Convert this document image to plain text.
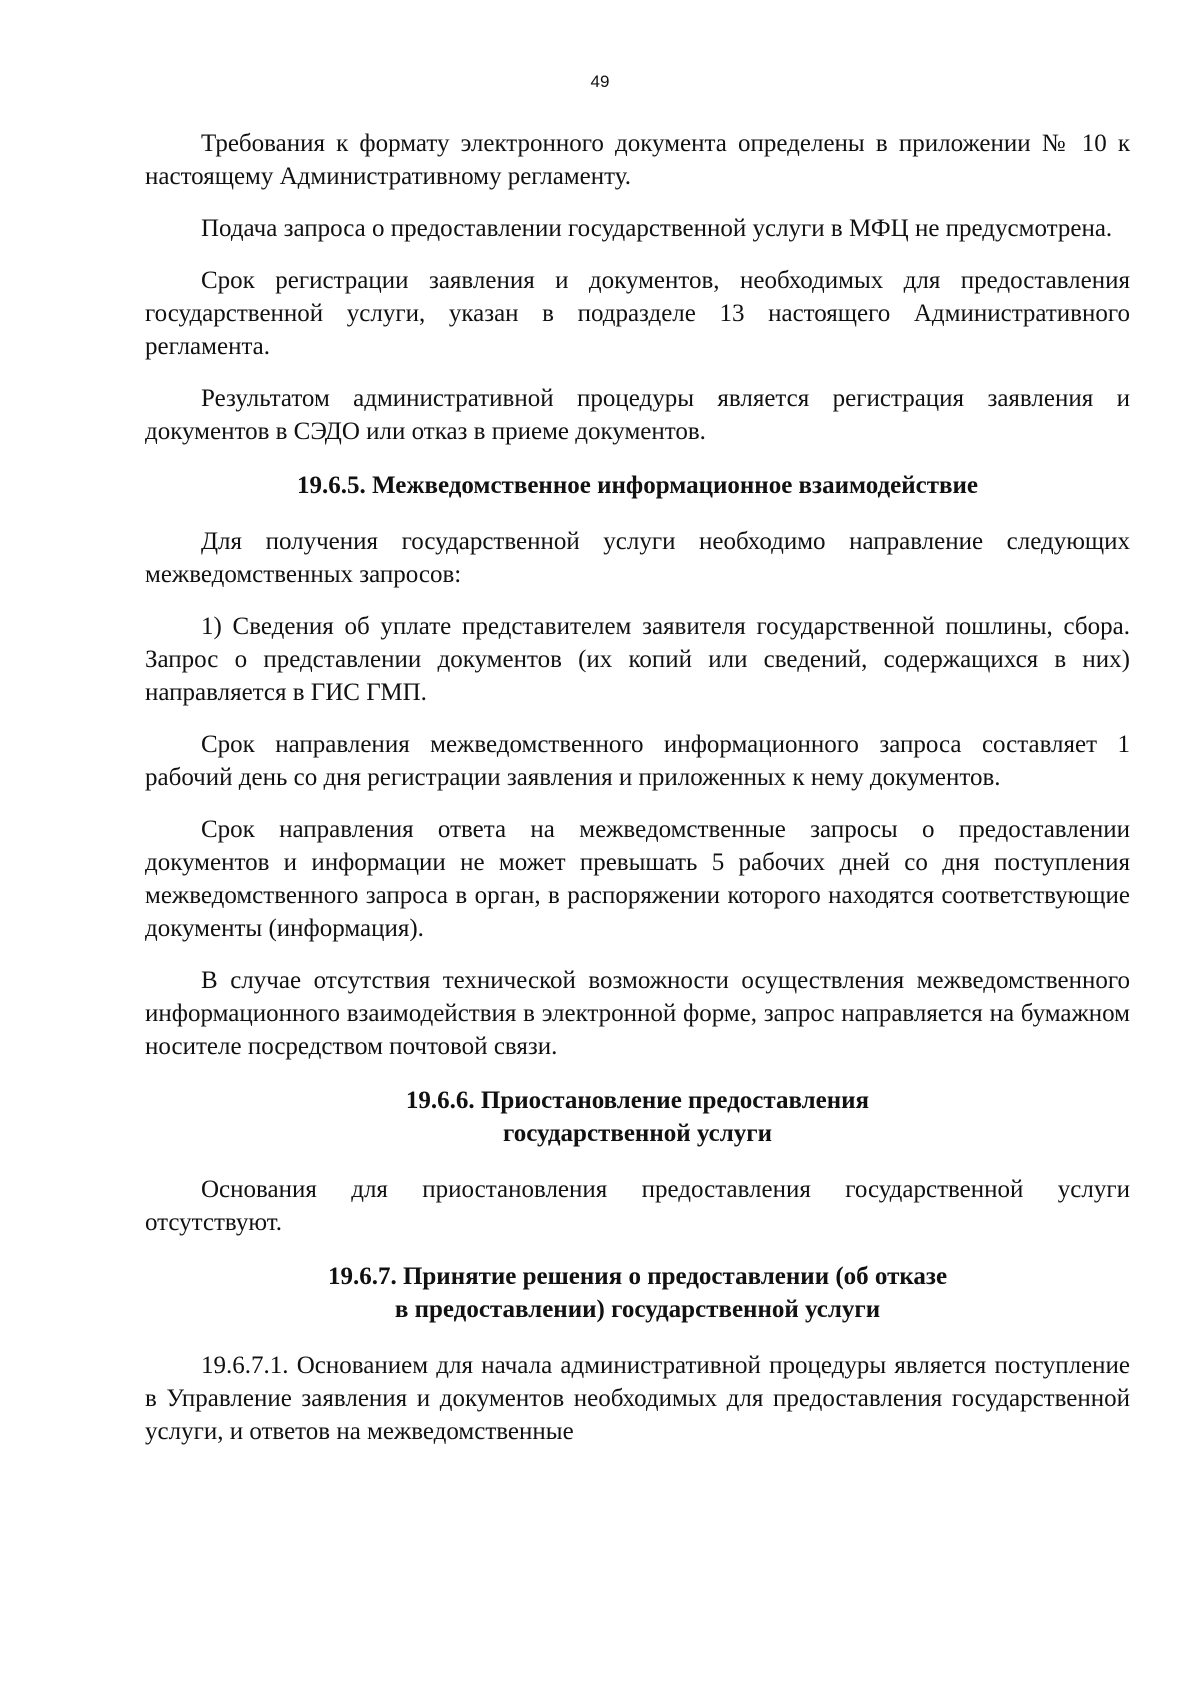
49

Требования к формату электронного документа определены в приложении № 10 к настоящему Административному регламенту.

Подача запроса о предоставлении государственной услуги в МФЦ не предусмотрена.

Срок регистрации заявления и документов, необходимых для предоставления государственной услуги, указан в подразделе 13 настоящего Административного регламента.

Результатом административной процедуры является регистрация заявления и документов в СЭДО или отказ в приеме документов.

19.6.5. Межведомственное информационное взаимодействие

Для получения государственной услуги необходимо направление следующих межведомственных запросов:

1) Сведения об уплате представителем заявителя государственной пошлины, сбора. Запрос о представлении документов (их копий или сведений, содержащихся в них) направляется в ГИС ГМП.

Срок направления межведомственного информационного запроса составляет 1 рабочий день со дня регистрации заявления и приложенных к нему документов.

Срок направления ответа на межведомственные запросы о предоставлении документов и информации не может превышать 5 рабочих дней со дня поступления межведомственного запроса в орган, в распоряжении которого находятся соответствующие документы (информация).

В случае отсутствия технической возможности осуществления межведомственного информационного взаимодействия в электронной форме, запрос направляется на бумажном носителе посредством почтовой связи.

19.6.6. Приостановление предоставления
государственной услуги

Основания для приостановления предоставления государственной услуги отсутствуют.

19.6.7. Принятие решения о предоставлении (об отказе
в предоставлении) государственной услуги

19.6.7.1. Основанием для начала административной процедуры является поступление в Управление заявления и документов необходимых для предоставления государственной услуги, и ответов на межведомственные
